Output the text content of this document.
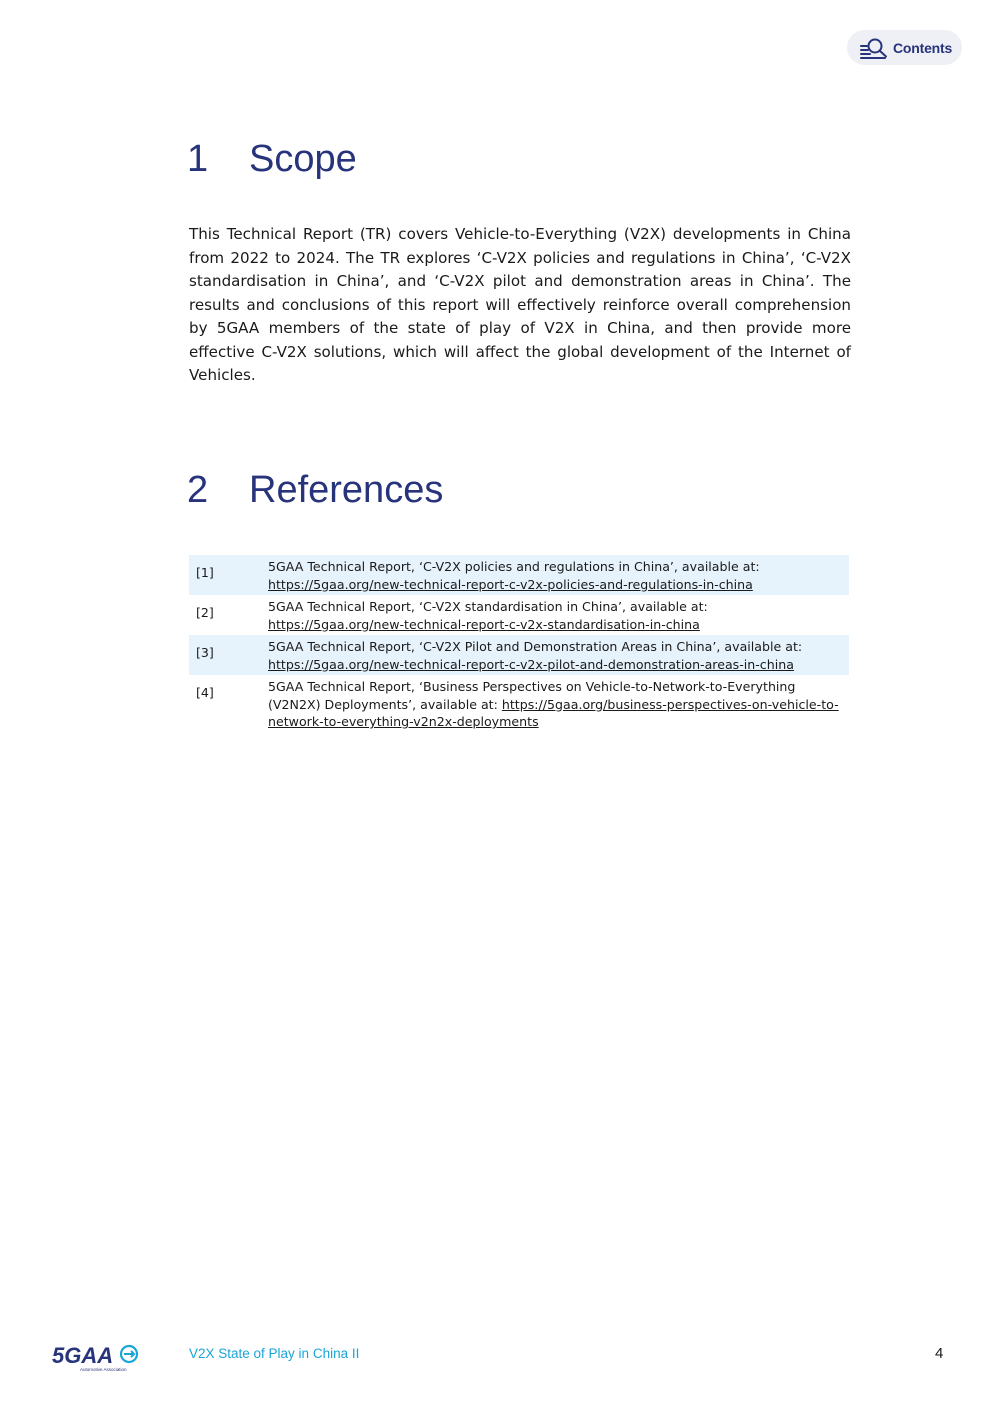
Contents
1	Scope

This Technical Report (TR) covers Vehicle-to-Everything (V2X) developments in China from 2022 to 2024. The TR explores ‘C-V2X policies and regulations in China’, ‘C-V2X standardisation in China’, and ‘C-V2X pilot and demonstration areas in China’. The results and conclusions of this report will effectively reinforce overall comprehension by 5GAA members of the state of play of V2X in China, and then provide more effective C-V2X solutions, which will affect the global development of the Internet of Vehicles.

2	References
[1]	5GAA Technical Report, ‘C-V2X policies and regulations in China’, available at:
https://5gaa.org/new-technical-report-c-v2x-policies-and-regulations-in-china
[2]	5GAA Technical Report, ‘C-V2X standardisation in China’, available at: https://5gaa.org/new-technical-report-c-v2x-standardisation-in-china
[3]	5GAA Technical Report, ‘C-V2X Pilot and Demonstration Areas in China’, available at:
https://5gaa.org/new-technical-report-c-v2x-pilot-and-demonstration-areas-in-china
[4]	5GAA Technical Report, ‘Business Perspectives on Vehicle-to-Network-to-Everything (V2N2X) Deployments’, available at: https://5gaa.org/business-perspectives-on-vehicle-to-network-to-everything-v2n2x-deployments
5GAA
Automotive Association
V2X State of Play in China II	4
